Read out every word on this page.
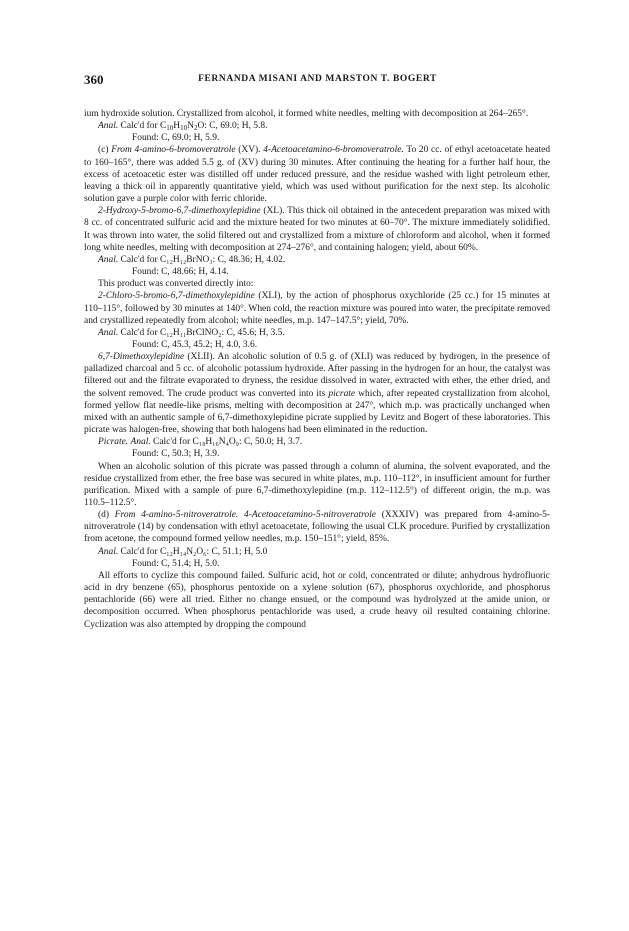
360	FERNANDA MISANI AND MARSTON T. BOGERT

ium hydroxide solution. Crystallized from alcohol, it formed white needles, melting with decomposition at 264–265°.

Anal. Calc'd for $C_{10}H_{10}N_2O$: C, 69.0; H, 5.8.

Found: C, 69.0; H, 5.9.

(c) From 4-amino-6-bromoveratrole (XV). 4-Acetoacetamino-6-bromoveratrole. To 20 cc. of ethyl acetoacetate heated to 160–165°, there was added 5.5 g. of (XV) during 30 minutes. After continuing the heating for a further half hour, the excess of acetoacetic ester was distilled off under reduced pressure, and the residue washed with light petroleum ether, leaving a thick oil in apparently quantitative yield, which was used without purification for the next step. Its alcoholic solution gave a purple color with ferric chloride.

2-Hydroxy-5-bromo-6,7-dimethoxylepidine (XL). This thick oil obtained in the antecedent preparation was mixed with 8 cc. of concentrated sulfuric acid and the mixture heated for two minutes at 60–70°. The mixture immediately solidified. It was thrown into water, the solid filtered out and crystallized from a mixture of chloroform and alcohol, when it formed long white needles, melting with decomposition at 274–276°, and containing halogen; yield, about 60%.

Anal. Calc'd for C₁₂H₁₂BrNO₃: C, 48.36; H, 4.02.

Found: C, 48.66; H, 4.14.

This product was converted directly into:

2-Chloro-5-bromo-6,7-dimethoxylepidine (XLI), by the action of phosphorus oxychloride (25 cc.) for 15 minutes at 110–115°, followed by 30 minutes at 140°. When cold, the reaction mixture was poured into water, the precipitate removed and crystallized repeatedly from alcohol; white needles, m.p. 147–147.5°; yield, 70%.

Anal. Calc'd for C₁₂H₁₁BrClNO₂: C, 45.6; H, 3.5.

Found: C, 45.3, 45.2; H, 4.0, 3.6.

6,7-Dimethoxylepidine (XLII). An alcoholic solution of 0.5 g. of (XLI) was reduced by hydrogen, in the presence of palladized charcoal and 5 cc. of alcoholic potassium hydroxide. After passing in the hydrogen for an hour, the catalyst was filtered out and the filtrate evaporated to dryness, the residue dissolved in water, extracted with ether, the ether dried, and the solvent removed. The crude product was converted into its picrate which, after repeated crystallization from alcohol, formed yellow flat needle-like prisms, melting with decomposition at 247°, which m.p. was practically unchanged when mixed with an authentic sample of 6,7-dimethoxylepidine picrate supplied by Levitz and Bogert of these laboratories. This picrate was halogen-free, showing that both halogens had been eliminated in the reduction.

Picrate. Anal. Calc'd for C₁₈H₁₆N₄O₉: C, 50.0; H, 3.7.

Found: C, 50.3; H, 3.9.

When an alcoholic solution of this picrate was passed through a column of alumina, the solvent evaporated, and the residue crystallized from ether, the free base was secured in white plates, m.p. 110–112°, in insufficient amount for further purification. Mixed with a sample of pure 6,7-dimethoxylepidine (m.p. 112–112.5°) of different origin, the m.p. was 110.5–112.5°.

(d) From 4-amino-5-nitroveratrole. 4-Acetoacetamino-5-nitroveratrole (XXXIV) was prepared from 4-amino-5-nitroveratrole (14) by condensation with ethyl acetoacetate, following the usual CLK procedure. Purified by crystallization from acetone, the compound formed yellow needles, m.p. 150–151°; yield, 85%.

Anal. Calc'd for C₁₂H₁₄N₂O₆: C, 51.1; H, 5.0

Found: C, 51.4; H, 5.0.

All efforts to cyclize this compound failed. Sulfuric acid, hot or cold, concentrated or dilute; anhydrous hydrofluoric acid in dry benzene (65), phosphorus pentoxide on a xylene solution (67), phosphorus oxychloride, and phosphorus pentachloride (66) were all tried. Either no change ensued, or the compound was hydrolyzed at the amide union, or decomposition occurred. When phosphorus pentachloride was used, a crude heavy oil resulted containing chlorine. Cyclization was also attempted by dropping the compound
